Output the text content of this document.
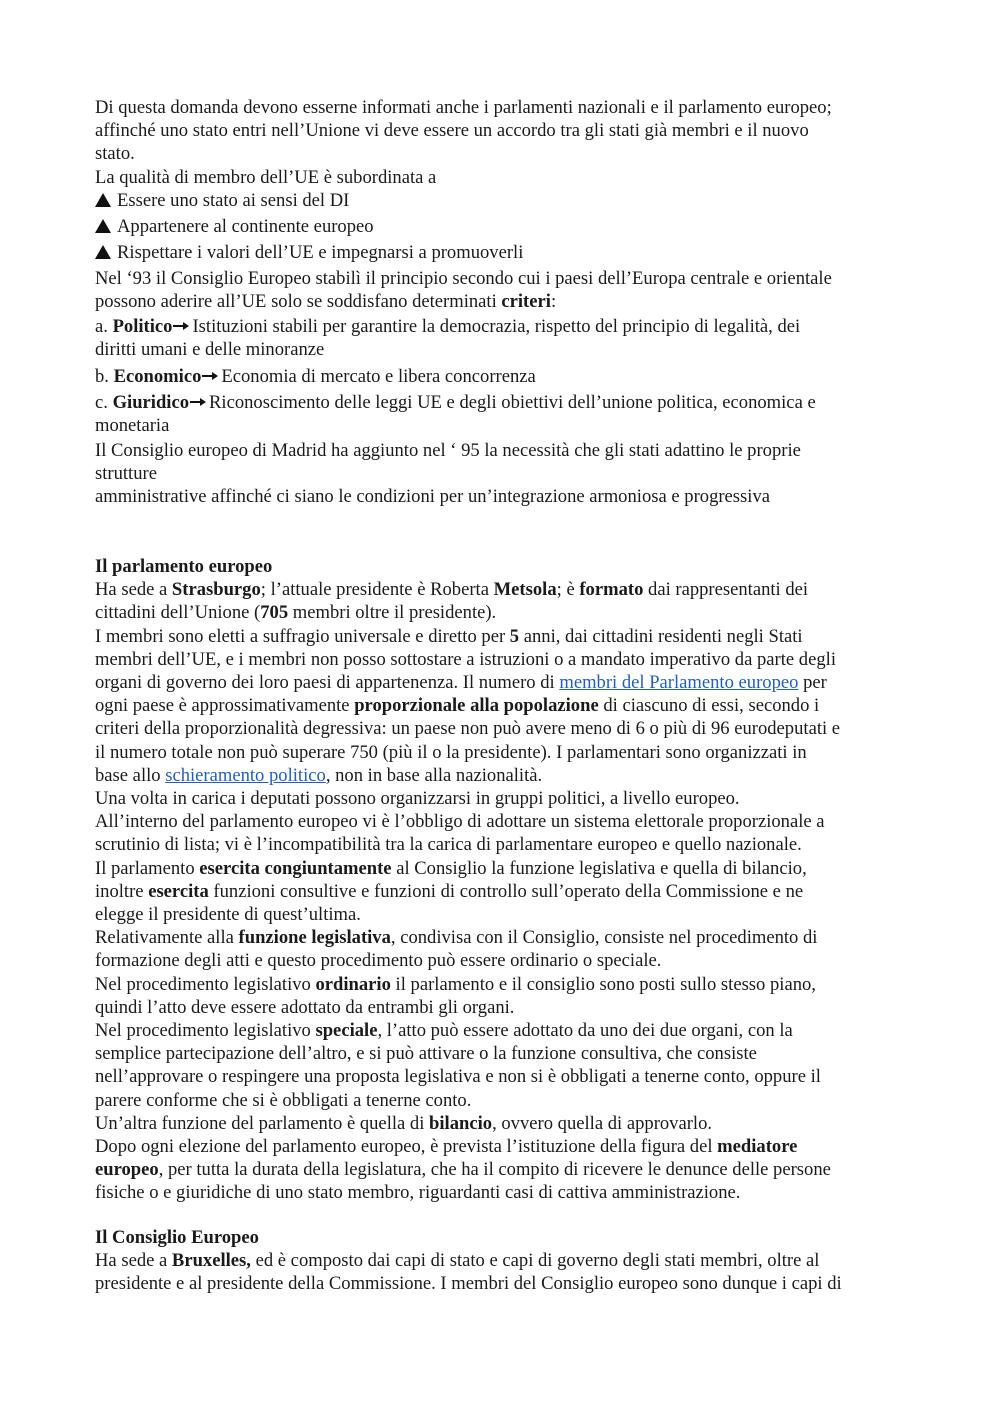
Di questa domanda devono esserne informati anche i parlamenti nazionali e il parlamento europeo;
affinché uno stato entri nell’Unione vi deve essere un accordo tra gli stati già membri e il nuovo
stato.
La qualità di membro dell’UE è subordinata a
Essere uno stato ai sensi del DI
Appartenere al continente europeo
Rispettare i valori dell’UE e impegnarsi a promuoverli
Nel ‘93 il Consiglio Europeo stabilì il principio secondo cui i paesi dell’Europa centrale e orientale
possono aderire all’UE solo se soddisfano determinati criteri:
a. Politico Istituzioni stabili per garantire la democrazia, rispetto del principio di legalità, dei
diritti umani e delle minoranze
b. Economico Economia di mercato e libera concorrenza
c. Giuridico Riconoscimento delle leggi UE e degli obiettivi dell’unione politica, economica e
monetaria
Il Consiglio europeo di Madrid ha aggiunto nel ‘ 95 la necessità che gli stati adattino le proprie
strutture
amministrative affinché ci siano le condizioni per un’integrazione armoniosa e progressiva
Il parlamento europeo
Ha sede a Strasburgo; l’attuale presidente è Roberta Metsola; è formato dai rappresentanti dei
cittadini dell’Unione (705 membri oltre il presidente).
I membri sono eletti a suffragio universale e diretto per 5 anni, dai cittadini residenti negli Stati
membri dell’UE, e i membri non posso sottostare a istruzioni o a mandato imperativo da parte degli
organi di governo dei loro paesi di appartenenza. Il numero di membri del Parlamento europeo per
ogni paese è approssimativamente proporzionale alla popolazione di ciascuno di essi, secondo i
criteri della proporzionalità degressiva: un paese non può avere meno di 6 o più di 96 eurodeputati e
il numero totale non può superare 750 (più il o la presidente). I parlamentari sono organizzati in
base allo schieramento politico, non in base alla nazionalità.
Una volta in carica i deputati possono organizzarsi in gruppi politici, a livello europeo.
All’interno del parlamento europeo vi è l’obbligo di adottare un sistema elettorale proporzionale a
scrutinio di lista; vi è l’incompatibilità tra la carica di parlamentare europeo e quello nazionale.
Il parlamento esercita congiuntamente al Consiglio la funzione legislativa e quella di bilancio,
inoltre esercita funzioni consultive e funzioni di controllo sull’operato della Commissione e ne
elegge il presidente di quest’ultima.
Relativamente alla funzione legislativa, condivisa con il Consiglio, consiste nel procedimento di
formazione degli atti e questo procedimento può essere ordinario o speciale.
Nel procedimento legislativo ordinario il parlamento e il consiglio sono posti sullo stesso piano,
quindi l’atto deve essere adottato da entrambi gli organi.
Nel procedimento legislativo speciale, l’atto può essere adottato da uno dei due organi, con la
semplice partecipazione dell’altro, e si può attivare o la funzione consultiva, che consiste
nell’approvare o respingere una proposta legislativa e non si è obbligati a tenerne conto, oppure il
parere conforme che si è obbligati a tenerne conto.
Un’altra funzione del parlamento è quella di bilancio, ovvero quella di approvarlo.
Dopo ogni elezione del parlamento europeo, è prevista l’istituzione della figura del mediatore
europeo, per tutta la durata della legislatura, che ha il compito di ricevere le denunce delle persone
fisiche o e giuridiche di uno stato membro, riguardanti casi di cattiva amministrazione.
Il Consiglio Europeo
Ha sede a Bruxelles, ed è composto dai capi di stato e capi di governo degli stati membri, oltre al
presidente e al presidente della Commissione. I membri del Consiglio europeo sono dunque i capi di
